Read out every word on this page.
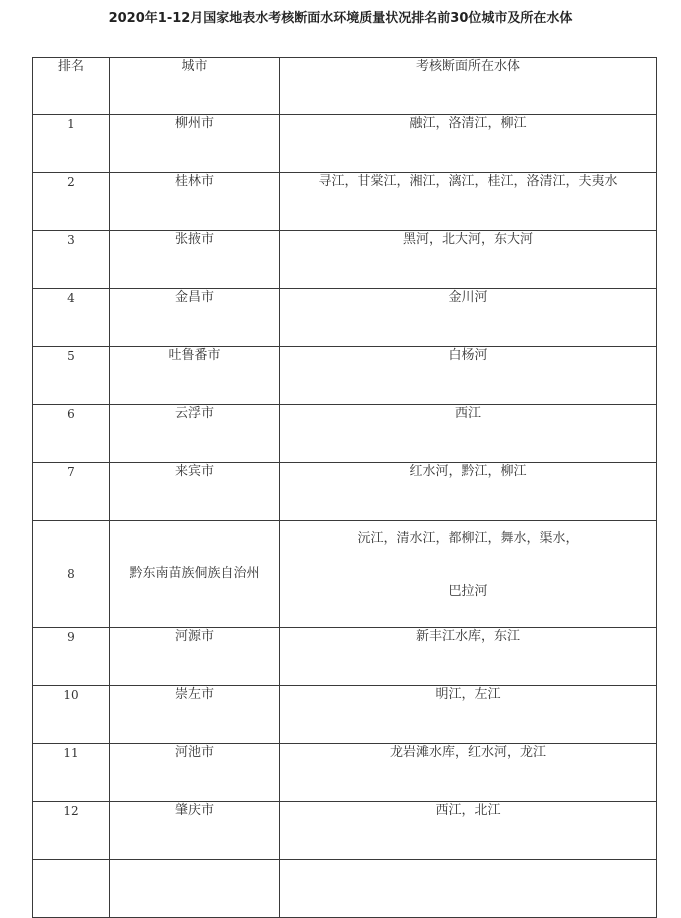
2020年1-12月国家地表水考核断面水环境质量状况排名前30位城市及所在水体
排名	城市	考核断面所在水体
1	柳州市	融江，洛清江，柳江

2	桂林市	寻江，甘棠江，湘江，漓江，桂江，洛清江，夫夷水

3	张掖市	黑河，北大河，东大河

4	金昌市	金川河

5	吐鲁番市	白杨河

6	云浮市	西江

7	来宾市	红水河，黔江，柳江

8	黔东南苗族侗族自治州	沅江，清水江，都柳江，舞水，渠水，
巴拉河

9	河源市	新丰江水库，东江

10	崇左市	明江，左江

11	河池市	龙岩滩水库，红水河，龙江

12	肇庆市	西江，北江
